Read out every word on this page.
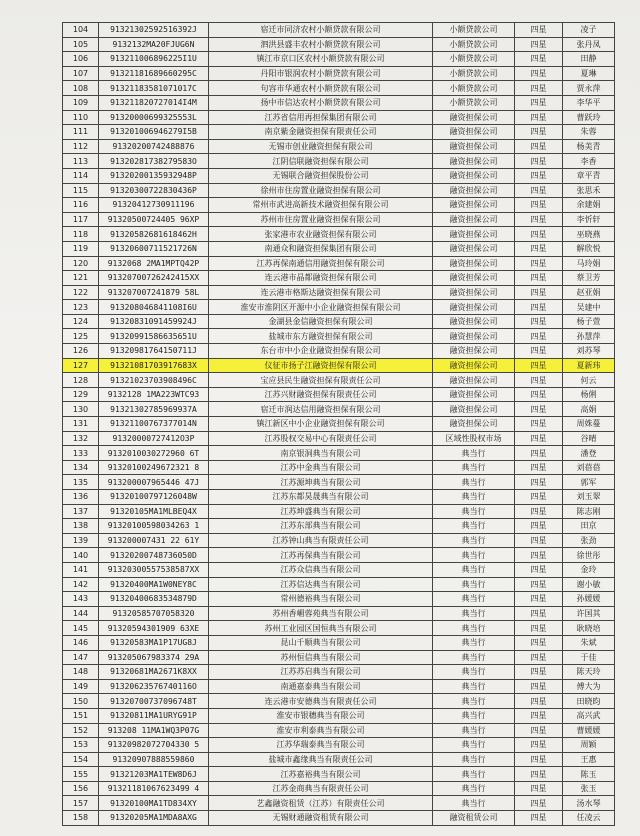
104	91321302592516392J	宿迁市同济农村小额贷款有限公司	小额贷款公司	四星	凌子
105	9132132MA20FJUG6N	泗洪县盛丰农村小额贷款有限公司	小额贷款公司	四星	张丹凤
106	913211006896225I1U	镇江市京口区农村小额贷款有限公司	小额贷款公司	四星	田静
107	91321181689660295C	丹阳市银润农村小额贷款有限公司	小额贷款公司	四星	夏琳
108	91321183581071017C	句容市华通农村小额贷款有限公司	小额贷款公司	四星	贾永萍
109	913211820727014I4M	扬中市信达农村小额贷款有限公司	小额贷款公司	四星	李华平
110	91320000699325553L	江苏省信用再担保集团有限公司	融资担保公司	四星	曹跃玲
111	913201006946279I5B	南京紫金融资担保有限责任公司	融资担保公司	四星	朱蓉
112	91320200742488876	无锡市创业融资担保有限公司	融资担保公司	四星	杨美青
113	91320281738279583O	江阴信联融资担保有限公司	融资担保公司	四星	李香
114	91320200135932948P	无锡联合融资担保股份公司	融资担保公司	四星	章平青
115	91320300722830436P	徐州市住房置业融资担保有限公司	融资担保公司	四星	张思禾
116	91320412730911196	常州市武进高新技术融资担保有限公司	融资担保公司	四星	余建娟
117	91320500724405 96XP	苏州市住房置业融资担保有限公司	融资担保公司	四星	李忻轩
118	91320582681618462H	张家港市农业融资担保有限公司	融资担保公司	四星	巫晓燕
119	91320600711521726N	南通众和融资担保集团有限公司	融资担保公司	四星	解欣悦
120	9132068 2MA1MPTQ42P	江苏再保南通信用融资担保有限公司	融资担保公司	四星	马玲娟
121	91320700726242415XX	连云港市晶都融资担保有限公司	融资担保公司	四星	蔡卫芳
122	913207007241879 58L	连云港市格斯达融资担保有限公司	融资担保公司	四星	赵亚娟
123	913208046841108I6U	淮安市淮阴区开源中小企业融资担保有限公司	融资担保公司	四星	吴建中
124	91320831091459924J	金湖县金信融资担保有限公司	融资担保公司	四星	杨子萱
125	91320991586635651U	盐城市东方融资担保有限公司	融资担保公司	四星	孙慧萍
126	91320981764150711J	东台市中小企业融资担保有限公司	融资担保公司	四星	刘苏琴
127	91321081703917683X	仪征市扬子江融资担保有限公司	融资担保公司	四星	夏新玮
128	91321023703908496C	宝应县民生融资担保有限责任公司	融资担保公司	四星	何云
129	9132128 1MA223WTC93	江苏兴财融资担保有限责任公司	融资担保公司	四星	杨俐
130	91321302785969937A	宿迁市润达信用融资担保有限公司	融资担保公司	四星	高娟
131	91321100767377014N	镇江新区中小企业融资担保有限公司	融资担保公司	四星	周姝蔓
132	91320000727412O3P	江苏股权交易中心有限责任公司	区域性股权市场	四星	谷晴
133	9132010030272960 6T	南京银洞典当有限公司	典当行	四星	潘登
134	91320100249672321 8	江苏中金典当有限公司	典当行	四星	刘蓓蓓
135	913200007965446 47J	江苏源坤典当有限公司	典当行	四星	郭军
136	91320100797126048W	江苏东都昊晟典当有限公司	典当行	四星	刘玉翠
137	91320105MA1MLBEQ4X	江苏坤盛典当有限公司	典当行	四星	陈志刚
138	91320100598034263 1	江苏东部典当有限公司	典当行	四星	田京
139	913200007431 22 61Y	江苏钟山典当有限责任公司	典当行	四星	张劲
140	91320200748736050D	江苏再保典当有限公司	典当行	四星	徐世彤
141	91320300557538587XX	江苏众信典当有限公司	典当行	四星	金玲
142	91320400MA1W0NEY8C	江苏信达典当有限公司	典当行	四星	谢小敏
143	91320400683534879D	常州德裕典当有限公司	典当行	四星	孙媛媛
144	91320585707058320	苏州香嵋蓉苑典当有限公司	典当行	四星	许国其
145	91320594301909 63XE	苏州工业园区国恒典当有限公司	典当行	四星	耿晓培
146	91320583MA1P17UG8J	昆山千顺典当有限公司	典当行	四星	朱斌
147	913205067983374 29A	苏州恒信典当有限公司	典当行	四星	于佳
148	91320681MA2671K8XX	江苏苏启典当有限公司	典当行	四星	陈天玲
149	91320623576740116O	南通嘉泰典当有限公司	典当行	四星	傅大为
150	91320700737096748T	连云港市安德典当有限责任公司	典当行	四星	田晓昀
151	91320811MA1URYG91P	淮安市银穗典当有限公司	典当行	四星	高兴武
152	913208 11MA1WQ3P07G	淮安市利泰典当有限公司	典当行	四星	曹媛媛
153	91320982072704330 5	江苏华瑞泰典当有限公司	典当行	四星	周颖
154	91320907888559860	盐城市鑫缘典当有限责任公司	典当行	四星	王惠
155	91321203MA1TEW8D6J	江苏嘉裕典当有限公司	典当行	四星	陈玉
156	91321181067623499 4	江苏金商典当有限责任公司	典当行	四星	张玉
157	91320100MA1TD834XY	艺鑫融资租赁（江苏）有限责任公司	典当行	四星	汤水琴
158	91320205MA1MDA8AXG	无锡财通融资租赁有限公司	融资租赁公司	四星	任凌云
